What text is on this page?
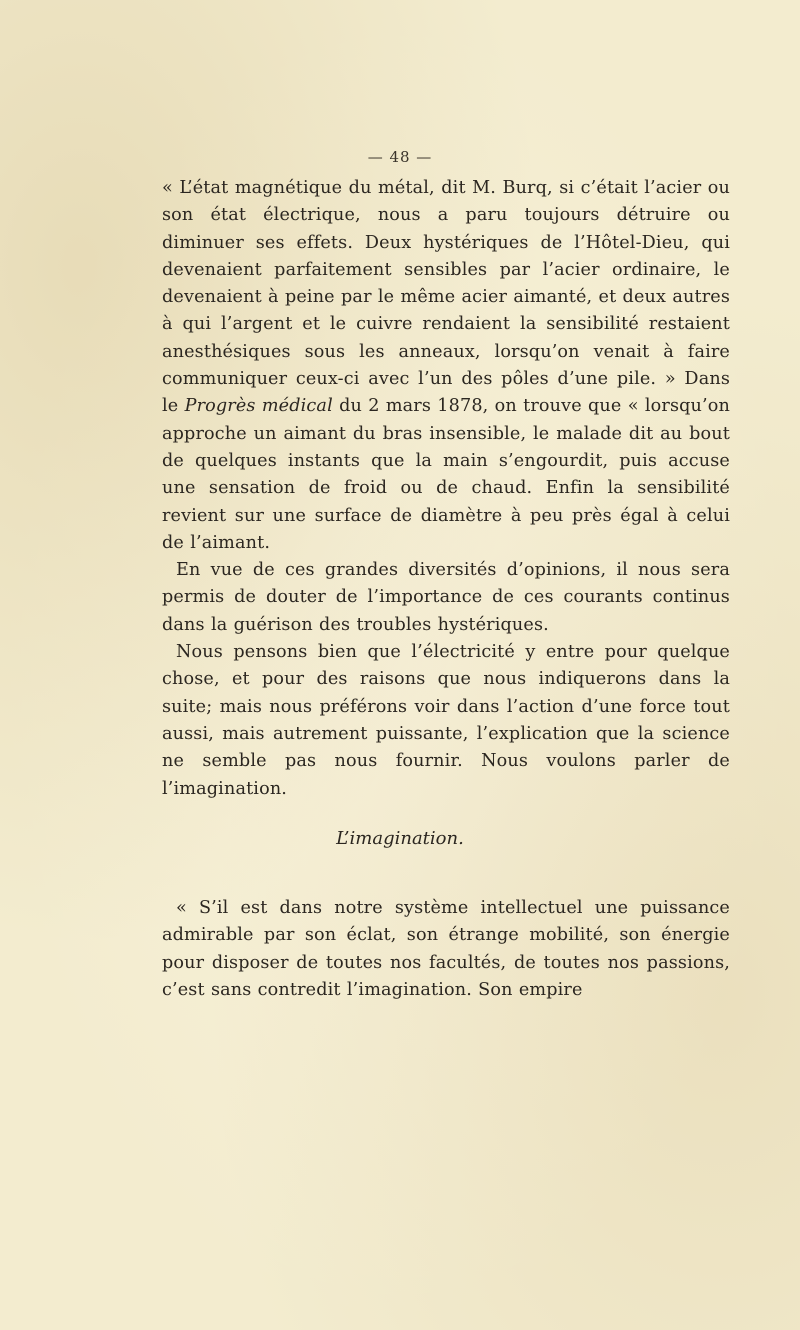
— 48 —

« L’état magnétique du métal, dit M. Burq, si c’était l’acier ou son état électrique, nous a paru toujours détruire ou diminuer ses effets. Deux hystériques de l’Hôtel-Dieu, qui devenaient parfaitement sensibles par l’acier ordinaire, le devenaient à peine par le même acier aimanté, et deux autres à qui l’argent et le cuivre rendaient la sensibilité restaient anesthésiques sous les anneaux, lorsqu’on venait à faire communiquer ceux-ci avec l’un des pôles d’une pile. » Dans le Progrès médical du 2 mars 1878, on trouve que « lorsqu’on approche un aimant du bras insensible, le malade dit au bout de quelques instants que la main s’engourdit, puis accuse une sensation de froid ou de chaud. Enfin la sensibilité revient sur une surface de diamètre à peu près égal à celui de l’aimant.

En vue de ces grandes diversités d’opinions, il nous sera permis de douter de l’importance de ces courants continus dans la guérison des troubles hystériques.

Nous pensons bien que l’électricité y entre pour quelque chose, et pour des raisons que nous indiquerons dans la suite; mais nous préférons voir dans l’action d’une force tout aussi, mais autrement puissante, l’explication que la science ne semble pas nous fournir. Nous voulons parler de l’imagination.

L’imagination.

« S’il est dans notre système intellectuel une puissance admirable par son éclat, son étrange mobilité, son énergie pour disposer de toutes nos facultés, de toutes nos passions, c’est sans contredit l’imagination. Son empire
